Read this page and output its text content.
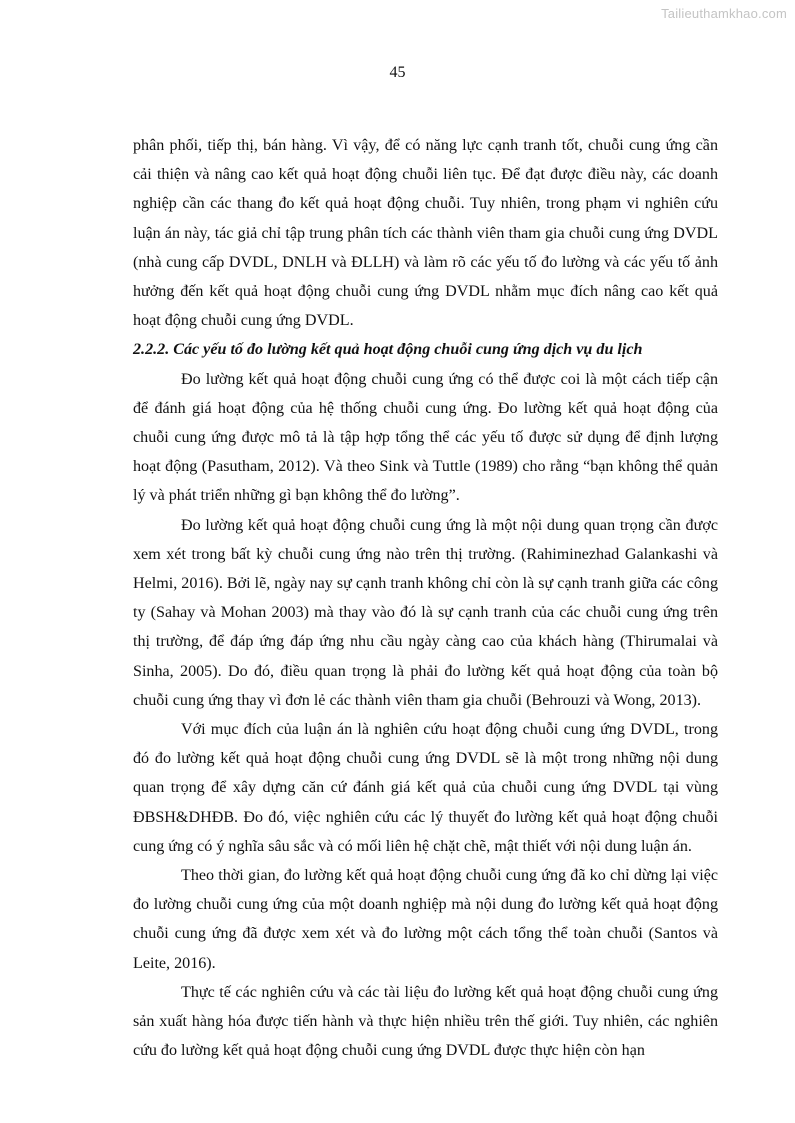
Tailieuthamkhao.com
45

phân phối, tiếp thị, bán hàng. Vì vậy, để có năng lực cạnh tranh tốt, chuỗi cung ứng cần cải thiện và nâng cao kết quả hoạt động chuỗi liên tục. Để đạt được điều này, các doanh nghiệp cần các thang đo kết quả hoạt động chuỗi. Tuy nhiên, trong phạm vi nghiên cứu luận án này, tác giả chỉ tập trung phân tích các thành viên tham gia chuỗi cung ứng DVDL (nhà cung cấp DVDL, DNLH và ĐLLH) và làm rõ các yếu tố đo lường và các yếu tố ảnh hưởng đến kết quả hoạt động chuỗi cung ứng DVDL nhằm mục đích nâng cao kết quả hoạt động chuỗi cung ứng DVDL.

2.2.2. Các yếu tố đo lường kết quả hoạt động chuỗi cung ứng dịch vụ du lịch

Đo lường kết quả hoạt động chuỗi cung ứng có thể được coi là một cách tiếp cận để đánh giá hoạt động của hệ thống chuỗi cung ứng. Đo lường kết quả hoạt động của chuỗi cung ứng được mô tả là tập hợp tổng thể các yếu tố được sử dụng để định lượng hoạt động (Pasutham, 2012). Và theo Sink và Tuttle (1989) cho rằng “bạn không thể quản lý và phát triển những gì bạn không thể đo lường”.

Đo lường kết quả hoạt động chuỗi cung ứng là một nội dung quan trọng cần được xem xét trong bất kỳ chuỗi cung ứng nào trên thị trường. (Rahiminezhad Galankashi và Helmi, 2016). Bởi lẽ, ngày nay sự cạnh tranh không chỉ còn là sự cạnh tranh giữa các công ty (Sahay và Mohan 2003) mà thay vào đó là sự cạnh tranh của các chuỗi cung ứng trên thị trường, để đáp ứng đáp ứng nhu cầu ngày càng cao của khách hàng (Thirumalai và Sinha, 2005). Do đó, điều quan trọng là phải đo lường kết quả hoạt động của toàn bộ chuỗi cung ứng thay vì đơn lẻ các thành viên tham gia chuỗi (Behrouzi và Wong, 2013).

Với mục đích của luận án là nghiên cứu hoạt động chuỗi cung ứng DVDL, trong đó đo lường kết quả hoạt động chuỗi cung ứng DVDL sẽ là một trong những nội dung quan trọng để xây dựng căn cứ đánh giá kết quả của chuỗi cung ứng DVDL tại vùng ĐBSH&DHĐB. Đo đó, việc nghiên cứu các lý thuyết đo lường kết quả hoạt động chuỗi cung ứng có ý nghĩa sâu sắc và có mối liên hệ chặt chẽ, mật thiết với nội dung luận án.

Theo thời gian, đo lường kết quả hoạt động chuỗi cung ứng đã ko chỉ dừng lại việc đo lường chuỗi cung ứng của một doanh nghiệp mà nội dung đo lường kết quả hoạt động chuỗi cung ứng đã được xem xét và đo lường một cách tổng thể toàn chuỗi (Santos và Leite, 2016).

Thực tế các nghiên cứu và các tài liệu đo lường kết quả hoạt động chuỗi cung ứng sản xuất hàng hóa được tiến hành và thực hiện nhiều trên thế giới. Tuy nhiên, các nghiên cứu đo lường kết quả hoạt động chuỗi cung ứng DVDL được thực hiện còn hạn
